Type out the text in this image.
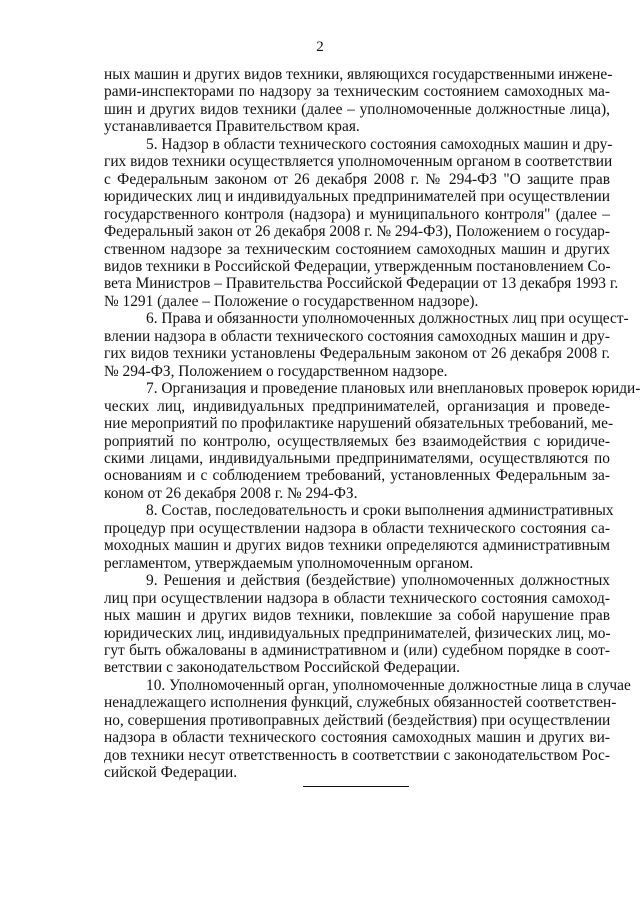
2
ных машин и других видов техники, являющихся государственными инжене-
рами-инспекторами по надзору за техническим состоянием самоходных ма-
шин и других видов техники (далее – уполномоченные должностные лица),
устанавливается Правительством края.
5. Надзор в области технического состояния самоходных машин и дру-
гих видов техники осуществляется уполномоченным органом в соответствии
с Федеральным законом от 26 декабря 2008 г. № 294-ФЗ "О защите прав
юридических лиц и индивидуальных предпринимателей при осуществлении
государственного контроля (надзора) и муниципального контроля" (далее –
Федеральный закон от 26 декабря 2008 г. № 294-ФЗ), Положением о государ-
ственном надзоре за техническим состоянием самоходных машин и других
видов техники в Российской Федерации, утвержденным постановлением Со-
вета Министров – Правительства Российской Федерации от 13 декабря 1993 г.
№ 1291 (далее – Положение о государственном надзоре).
6. Права и обязанности уполномоченных должностных лиц при осущест-
влении надзора в области технического состояния самоходных машин и дру-
гих видов техники установлены Федеральным законом от 26 декабря 2008 г.
№ 294-ФЗ, Положением о государственном надзоре.
7. Организация и проведение плановых или внеплановых проверок юриди-
ческих лиц, индивидуальных предпринимателей, организация и проведе-
ние мероприятий по профилактике нарушений обязательных требований, ме-
роприятий по контролю, осуществляемых без взаимодействия с юридиче-
скими лицами, индивидуальными предпринимателями, осуществляются по
основаниям и с соблюдением требований, установленных Федеральным за-
коном от 26 декабря 2008 г. № 294-ФЗ.
8. Состав, последовательность и сроки выполнения административных
процедур при осуществлении надзора в области технического состояния са-
моходных машин и других видов техники определяются административным
регламентом, утверждаемым уполномоченным органом.
9. Решения и действия (бездействие) уполномоченных должностных
лиц при осуществлении надзора в области технического состояния самоход-
ных машин и других видов техники, повлекшие за собой нарушение прав
юридических лиц, индивидуальных предпринимателей, физических лиц, мо-
гут быть обжалованы в административном и (или) судебном порядке в соот-
ветствии с законодательством Российской Федерации.
10. Уполномоченный орган, уполномоченные должностные лица в случае
ненадлежащего исполнения функций, служебных обязанностей соответствен-
но, совершения противоправных действий (бездействия) при осуществлении
надзора в области технического состояния самоходных машин и других ви-
дов техники несут ответственность в соответствии с законодательством Рос-
сийской Федерации.
